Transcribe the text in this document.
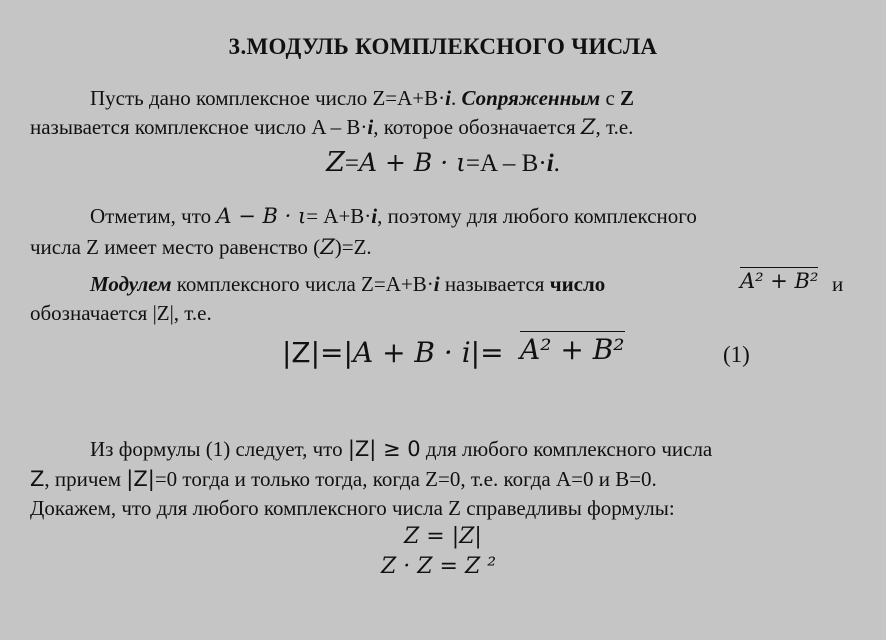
3.МОДУЛЬ КОМПЛЕКСНОГО ЧИСЛА
Пусть дано комплексное число Z=A+B·i. Сопряженным с Z
называется комплексное число A – B·i, которое обозначается Z, т.е.
Z=A + B · ι=A – B·i.
Отметим, что A − B · ι= A+B·i, поэтому для любого комплексного
числа Z имеет место равенство (Z)=Z.
Модулем комплексного числа Z=A+B·i называется число	A² + B² и
обозначается |Z|, т.е.
|Z|=|A + B · i|= A² + B²	(1)
Из формулы (1) следует, что |Z| ≥ 0 для любого комплексного числа
Z, причем |Z|=0 тогда и только тогда, когда Z=0, т.е. когда A=0 и B=0.
Докажем, что для любого комплексного числа Z справедливы формулы:
Z = |Z|
Z · Z = Z ²
